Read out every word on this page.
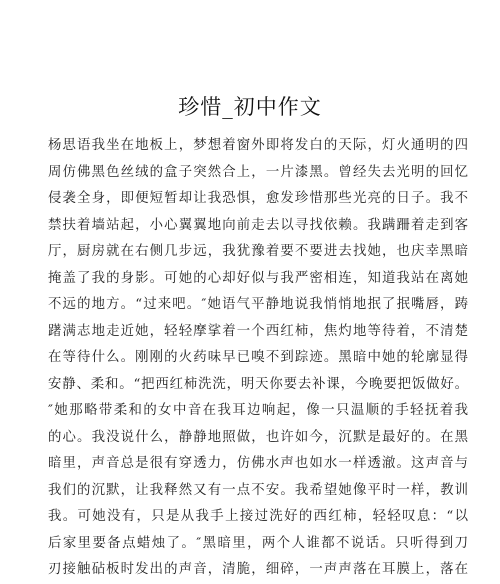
珍惜_初中作文
杨思语我坐在地板上，梦想着窗外即将发白的天际，灯火通明的四
周仿佛黑色丝绒的盒子突然合上，一片漆黑。曾经失去光明的回忆
侵袭全身，即便短暂却让我恐惧，愈发珍惜那些光亮的日子。我不
禁扶着墙站起，小心翼翼地向前走去以寻找依赖。我蹒跚着走到客
厅，厨房就在右侧几步远，我犹豫着要不要进去找她，也庆幸黑暗
掩盖了我的身影。可她的心却好似与我严密相连，知道我站在离她
不远的地方。“过来吧。″她语气平静地说我悄悄地抿了抿嘴唇，踌
躇满志地走近她，轻轻摩挲着一个西红柿，焦灼地等待着，不清楚
在等待什么。刚刚的火药味早已嗅不到踪迹。黑暗中她的轮廓显得
安静、柔和。“把西红柿洗洗，明天你要去补课，今晚要把饭做好。
″她那略带柔和的女中音在我耳边响起，像一只温顺的手轻抚着我
的心。我没说什么，静静地照做，也许如今，沉默是最好的。在黑
暗里，声音总是很有穿透力，仿佛水声也如水一样透澈。这声音与
我们的沉默，让我释然又有一点不安。我希望她像平时一样，教训
我。可她没有，只是从我手上接过洗好的西红柿，轻轻叹息：“以
后家里要备点蜡烛了。″黑暗里，两个人谁都不说话。只听得到刀
刃接触砧板时发出的声音，清脆，细碎，一声声落在耳膜上，落在
